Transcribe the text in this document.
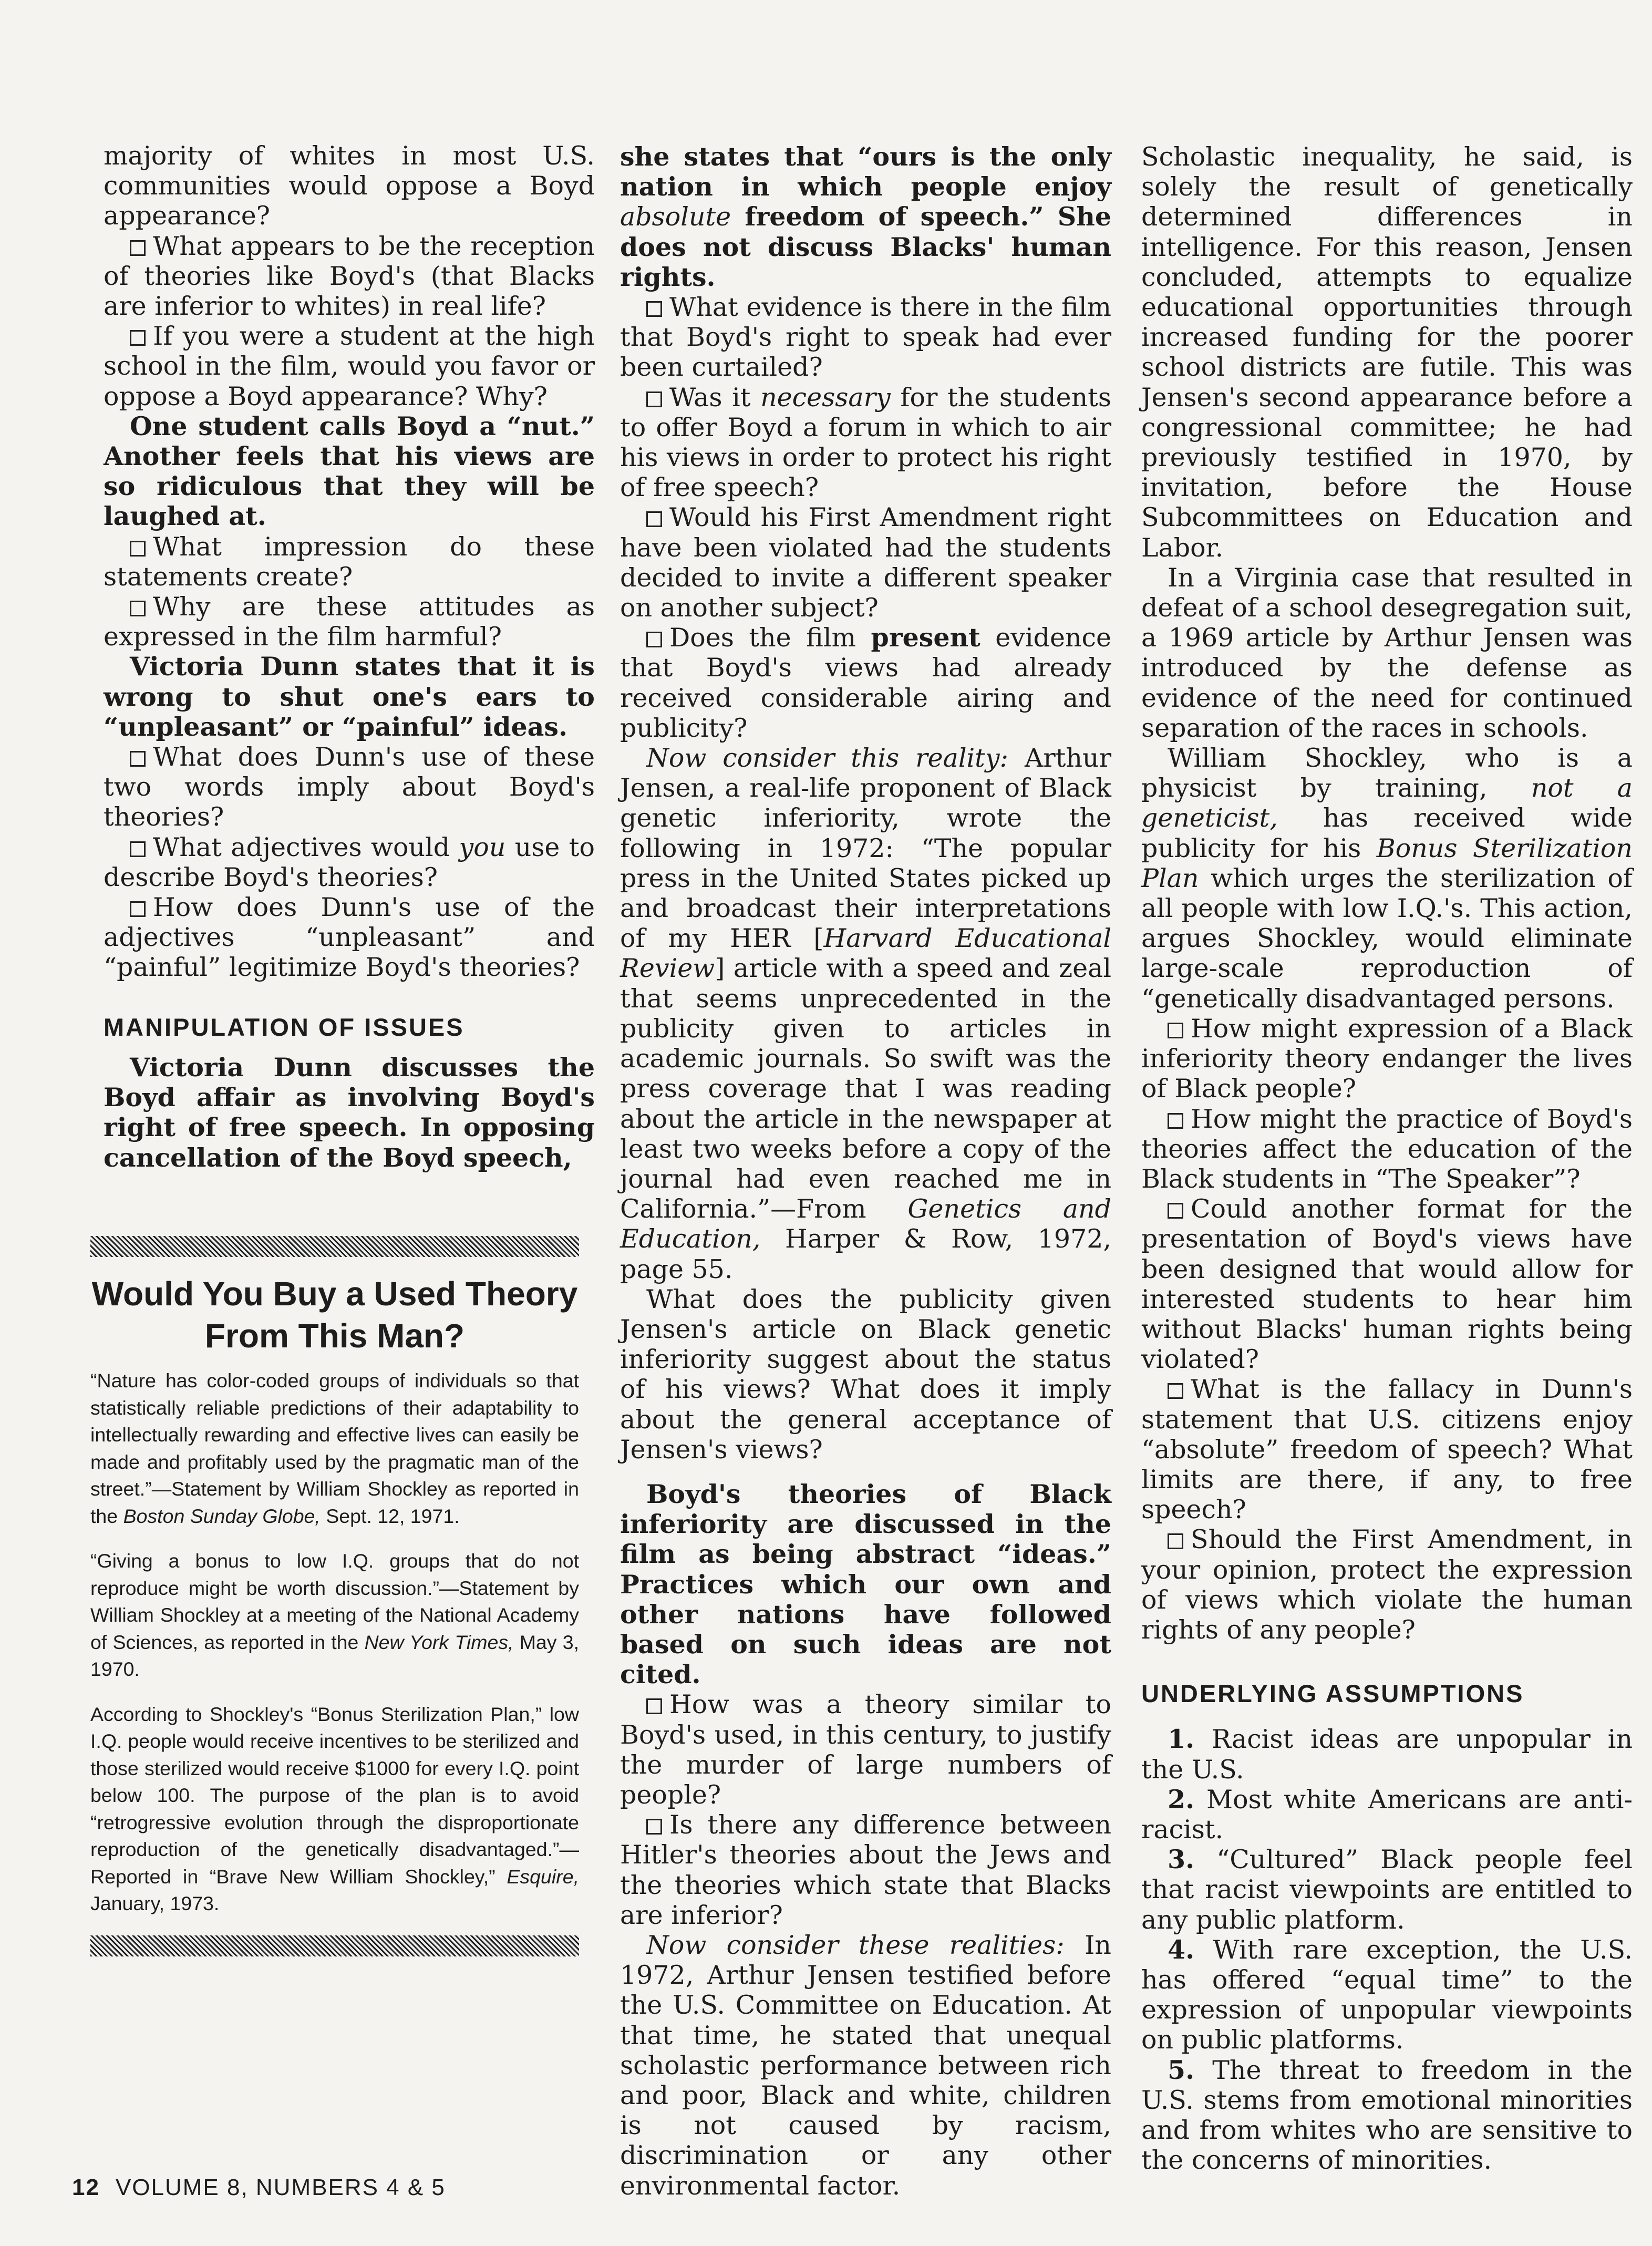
majority of whites in most U.S. communities would oppose a Boyd appearance?

What appears to be the reception of theories like Boyd's (that Blacks are inferior to whites) in real life?

If you were a student at the high school in the film, would you favor or oppose a Boyd appearance? Why?

One student calls Boyd a “nut.” Another feels that his views are so ridiculous that they will be laughed at.

What impression do these statements create?

Why are these attitudes as expressed in the film harmful?

Victoria Dunn states that it is wrong to shut one's ears to “unpleasant” or “painful” ideas.

What does Dunn's use of these two words imply about Boyd's theories?

What adjectives would you use to describe Boyd's theories?

How does Dunn's use of the adjectives “unpleasant” and “painful” legitimize Boyd's theories?

MANIPULATION OF ISSUES

Victoria Dunn discusses the Boyd affair as involving Boyd's right of free speech. In opposing cancellation of the Boyd speech,

Would You Buy a Used Theory From This Man?

“Nature has color-coded groups of individuals so that statistically reliable predictions of their adaptability to intellectually rewarding and effective lives can easily be made and profitably used by the pragmatic man of the street.”—Statement by William Shockley as reported in the Boston Sunday Globe, Sept. 12, 1971.

“Giving a bonus to low I.Q. groups that do not reproduce might be worth discussion.”—Statement by William Shockley at a meeting of the National Academy of Sciences, as reported in the New York Times, May 3, 1970.

According to Shockley's “Bonus Sterilization Plan,” low I.Q. people would receive incentives to be sterilized and those sterilized would receive $1000 for every I.Q. point below 100. The purpose of the plan is to avoid “retrogressive evolution through the disproportionate reproduction of the genetically disadvantaged.”—Reported in “Brave New William Shockley,” Esquire, January, 1973.

she states that “ours is the only nation in which people enjoy absolute freedom of speech.” She does not discuss Blacks' human rights.

What evidence is there in the film that Boyd's right to speak had ever been curtailed?

Was it necessary for the students to offer Boyd a forum in which to air his views in order to protect his right of free speech?

Would his First Amendment right have been violated had the students decided to invite a different speaker on another subject?

Does the film present evidence that Boyd's views had already received considerable airing and publicity?

Now consider this reality: Arthur Jensen, a real-life proponent of Black genetic inferiority, wrote the following in 1972: “The popular press in the United States picked up and broadcast their interpretations of my HER [Harvard Educational Review] article with a speed and zeal that seems unprecedented in the publicity given to articles in academic journals. So swift was the press coverage that I was reading about the article in the newspaper at least two weeks before a copy of the journal had even reached me in California.”—From Genetics and Education, Harper & Row, 1972, page 55.

What does the publicity given Jensen's article on Black genetic inferiority suggest about the status of his views? What does it imply about the general acceptance of Jensen's views?

Boyd's theories of Black inferiority are discussed in the film as being abstract “ideas.” Practices which our own and other nations have followed based on such ideas are not cited.

How was a theory similar to Boyd's used, in this century, to justify the murder of large numbers of people?

Is there any difference between Hitler's theories about the Jews and the theories which state that Blacks are inferior?

Now consider these realities: In 1972, Arthur Jensen testified before the U.S. Committee on Education. At that time, he stated that unequal scholastic performance between rich and poor, Black and white, children is not caused by racism, discrimination or any other environmental factor.

Scholastic inequality, he said, is solely the result of genetically determined differences in intelligence. For this reason, Jensen concluded, attempts to equalize educational opportunities through increased funding for the poorer school districts are futile. This was Jensen's second appearance before a congressional committee; he had previously testified in 1970, by invitation, before the House Subcommittees on Education and Labor.

In a Virginia case that resulted in defeat of a school desegregation suit, a 1969 article by Arthur Jensen was introduced by the defense as evidence of the need for continued separation of the races in schools.

William Shockley, who is a physicist by training, not a geneticist, has received wide publicity for his Bonus Sterilization Plan which urges the sterilization of all people with low I.Q.'s. This action, argues Shockley, would eliminate large-scale reproduction of “genetically disadvantaged persons.

How might expression of a Black inferiority theory endanger the lives of Black people?

How might the practice of Boyd's theories affect the education of the Black students in “The Speaker”?

Could another format for the presentation of Boyd's views have been designed that would allow for interested students to hear him without Blacks' human rights being violated?

What is the fallacy in Dunn's statement that U.S. citizens enjoy “absolute” freedom of speech? What limits are there, if any, to free speech?

Should the First Amendment, in your opinion, protect the expression of views which violate the human rights of any people?

UNDERLYING ASSUMPTIONS

1. Racist ideas are unpopular in the U.S.

2. Most white Americans are anti-racist.

3. “Cultured” Black people feel that racist viewpoints are entitled to any public platform.

4. With rare exception, the U.S. has offered “equal time” to the expression of unpopular viewpoints on public platforms.

5. The threat to freedom in the U.S. stems from emotional minorities and from whites who are sensitive to the concerns of minorities.

12 VOLUME 8, NUMBERS 4 & 5
